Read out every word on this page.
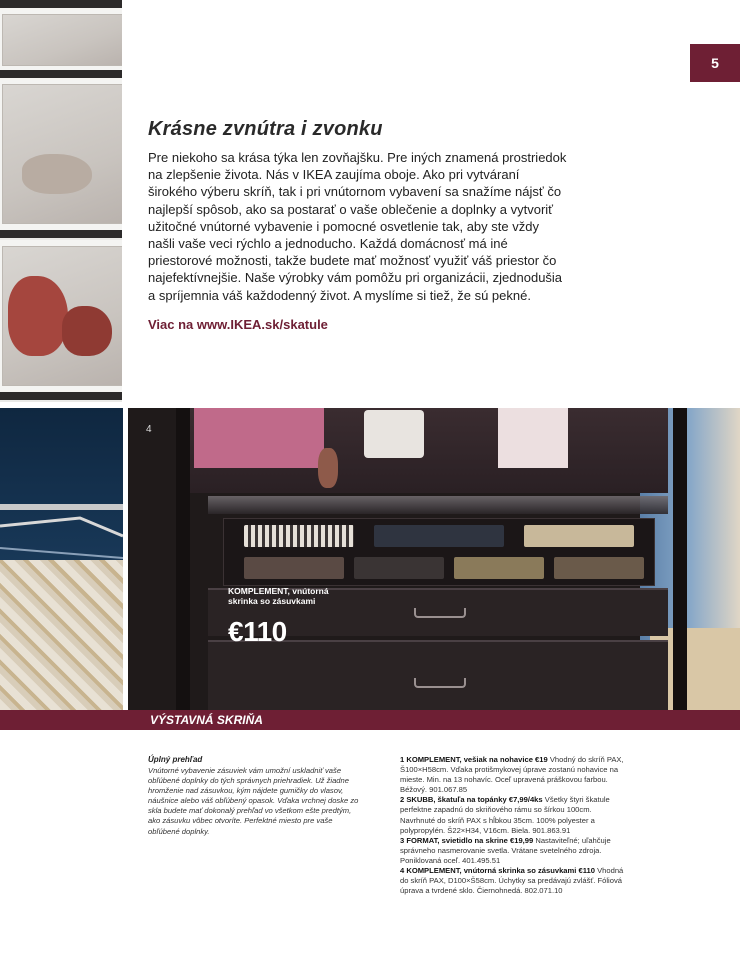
5
Krásne zvnútra i zvonku

Pre niekoho sa krása týka len zovňajšku. Pre iných znamená prostriedok na zlepšenie života. Nás v IKEA zaujíma oboje. Ako pri vytváraní širokého výberu skríň, tak i pri vnútornom vybavení sa snažíme nájsť čo najlepší spôsob, ako sa postarať o vaše oblečenie a doplnky a vytvoriť užitočné vnútorné vybavenie i pomocné osvetlenie tak, aby ste vždy našli vaše veci rýchlo a jednoducho. Každá domácnosť má iné priestorové možnosti, takže budete mať možnosť využiť váš priestor čo najefektívnejšie. Naše výrobky vám pomôžu pri organizácii, zjednodušia a spríjemnia váš každodenný život. A myslíme si tiež, že sú pekné.

Viac na www.IKEA.sk/skatule
4
KOMPLEMENT, vnútorná skrinka so zásuvkami
€110
VÝSTAVNÁ SKRIŇA
Úplný prehľad

Vnútorné vybavenie zásuviek vám umožní uskladniť vaše obľúbené doplnky do tých správnych priehradiek. Už žiadne hromženie nad zásuvkou, kým nájdete gumičky do vlasov, náušnice alebo váš obľúbený opasok. Vďaka vrchnej doske zo skla budete mať dokonalý prehľad vo všetkom ešte predtým, ako zásuvku vôbec otvoríte. Perfektné miesto pre vaše obľúbené doplnky.

1 KOMPLEMENT, vešiak na nohavice €19 Vhodný do skríň PAX, Š100×H58cm. Vďaka protišmykovej úprave zostanú nohavice na mieste. Min. na 13 nohavíc. Oceľ upravená práškovou farbou. Béžový. 901.067.85

2 SKUBB, škatuľa na topánky €7,99/4ks Všetky štyri škatule perfektne zapadnú do skriňového rámu so šírkou 100cm. Navrhnuté do skríň PAX s hĺbkou 35cm. 100% polyester a polypropylén. Š22×H34, V16cm. Biela. 901.863.91

3 FORMAT, svietidlo na skrine €19,99 Nastaviteľné; uľahčuje správneho nasmerovanie svetla. Vrátane svetelného zdroja. Poniklovaná oceľ. 401.495.51

4 KOMPLEMENT, vnútorná skrinka so zásuvkami €110 Vhodná do skríň PAX, D100×Š58cm. Úchytky sa predávajú zvlášť. Fóliová úprava a tvrdené sklo. Čiernohnedá. 802.071.10
